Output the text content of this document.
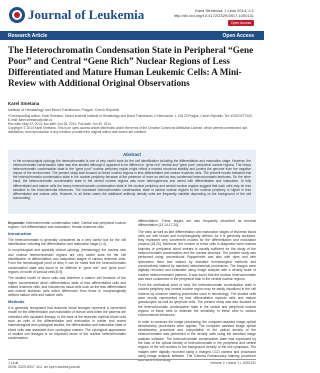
Journal of Leukemia	Kand Strelecká, J Leuk 2014, 2:1
http://dx.doi.org/10.4172/2329-6917.1000131
Open Access
Research Article	Open Access
The Heterochromatin Condensation State in Peripheral “Gene Poor” and Central “Gene Rich” Nuclear Regions of Less Differentiated and Mature Human Leukemic Cells: A Mini-Review with Additional Original Observations
Karel Smetana
Institute of Hematology and Blood Transfusion, Prague, Czech Republic
*Corresponding author: Karel Smetana, Senior scientist Institute of Hematology and Blood Transfusion, U Nemocnice 1, 128 20 Prague, Czech Republic, Tel: 420221977340; E-mail: karel.smetana@uhkt.cz
Rec date: May 22, 2014; Acc date: Jun 26, 2014; Pub date: Jun 30, 2014
Copyright: © 2014 Karel Smetana. This is an open-access article distributed under the terms of the Creative Commons Attribution License, which permits unrestricted use, distribution, and reproduction in any medium, provided the original author and source are credited.
Abstract
In the morphological cytology the heterochromatin is one of very useful tools for the cell identification including the differentiation and maturation stage. However, the heterochromatin condensation state was less studied although it appeared to be different in “gene rich” central and “gene poor” peripheral nuclear regions. The heavy heterochromatin condensation state in the “gene poor” nuclear periphery region might reflect a marked structural stability and protect the genome from the negative impact of the environment. The present study was focused on these nuclear regions in less differentiated and mature leukemic cells. The present results indicated that the heterochromatin condensation state in the nuclear periphery because of the presence of more as well as less condensed heterochromatin territories. On the other hand, the heterochromatin condensation state in the central nuclear regions was more heterogeneous and varied with differentiation and maturation. In fully differentiated and mature cells the heavy heterochromatin condensation state in the nuclear periphery and central nuclear regions suggest that such cells may be less sensitive to the environmental influences. The increased heterochromatin condensation state in central nuclear regions to the nuclear periphery is higher in less differentiated and mature cells. However, in all these cases the additional antibody density units are frequently variable depending on the background of the cell surrounding.

Keywords: Heterochromatin condensation state; Central and peripheral nuclear regions; Cell differentiation and maturation; Human leukemic cells

Introduction

The heterochromatin is generally considered as a very useful tool for the cell identification including the differentiation and maturation stage [1-4].

In morphological and specially clinical cytology (hematology) the nuclear size and nuclear heterochromatin regions are very useful tools for the cell identification of differentiation and maturation stages of various leukemic cells. From the hematological point of view, it can be noted that the heterochromatin condensation state was found to be different in “gene rich” and “gene poor” regions of nuclei of various cells [5-9].

The studied nuclei of blood cells was therefore a mature cell because of the higher concentration which differentiation state of less differentiated cells and mature leukemic cells, and included as usual cells such as the less differentiated and mature leukemic cells which differences from those in morphologically defined mature cells and mature cells.

Methods

It is generally recognized that leukemic blood lineages represent a convenient model for the differentiation and maturation of human cells when the patients are untreated with cytostatic therapy. In the case of the leukemic myeloid blood cells such as cells of the differentiation and maturation in earlier and recent haematological and cytological studies, the differentiation and maturation state of blood cells was assessed from cytological smears. The cytological appearance of studied cell lineages is an important factor of the nuclear heterochromatin condensation.

differentiation. These stages are also frequently described as terminal differentiation [13,14,17-20].

The early as well as late differentiation and maturation stages of leukemic blood cells are well known and morphologically defined. As it is generally accepted, they represent very convenient models for the differentiation and maturation process [18,20]. Moreover, the number of these cells in diagnostic bone marrow biopsies or peripheral blood smears is usually sufficient for the study of the heterochromatin condensation and the nuclear structure. The present study was performed using conventional Pappenheim and also with dyes and with specimens fixed and stained by standard hematological methods and constructively stained by standard histochemical procedures. The images were digitally recorded and evaluated using image analysis with a density scale of nuclear heterochromatin patterns. It was found that the nuclear heterochromatin was more condensed in the peripheral than in the central nuclear regions.

From the methodical point of view, the heterochromatin condensation state in nuclear periphery and central nuclear region may be easily visualized in the cell nucleus by common staining procedures used in hematology. The studied cells were mostly represented by less differentiated myeloid cells and mature granulocytes as well as lymphoid cells. The present study was also focused on the heterochromatin condensation state in the central and peripheral nuclear regions of these cells to estimate the sensitivity of these cells to various environmental influences.

In order to measure the image processing, the computer-assisted image optical densitometry procedures were applied. The computer assisted image optical densitometry procedure and computation of the optical density of the heterochromatin was performed in the density units using the standard image analysis software. The heterochromatin condensation state was expressed by the ratio of the optical density of heterochromatin in the peripheral and central regions of the cell nucleus to the background density of the cell cytoplasm. The images were digitally recorded using a charged CCD camera and processed using image analysis software. The Gamma Romanovsky staining procedure was used in this study.

J Leuk
ISSN: 2329-6917 JLU, an open access journal
Volume 2 • Issue 1 • 1000131
